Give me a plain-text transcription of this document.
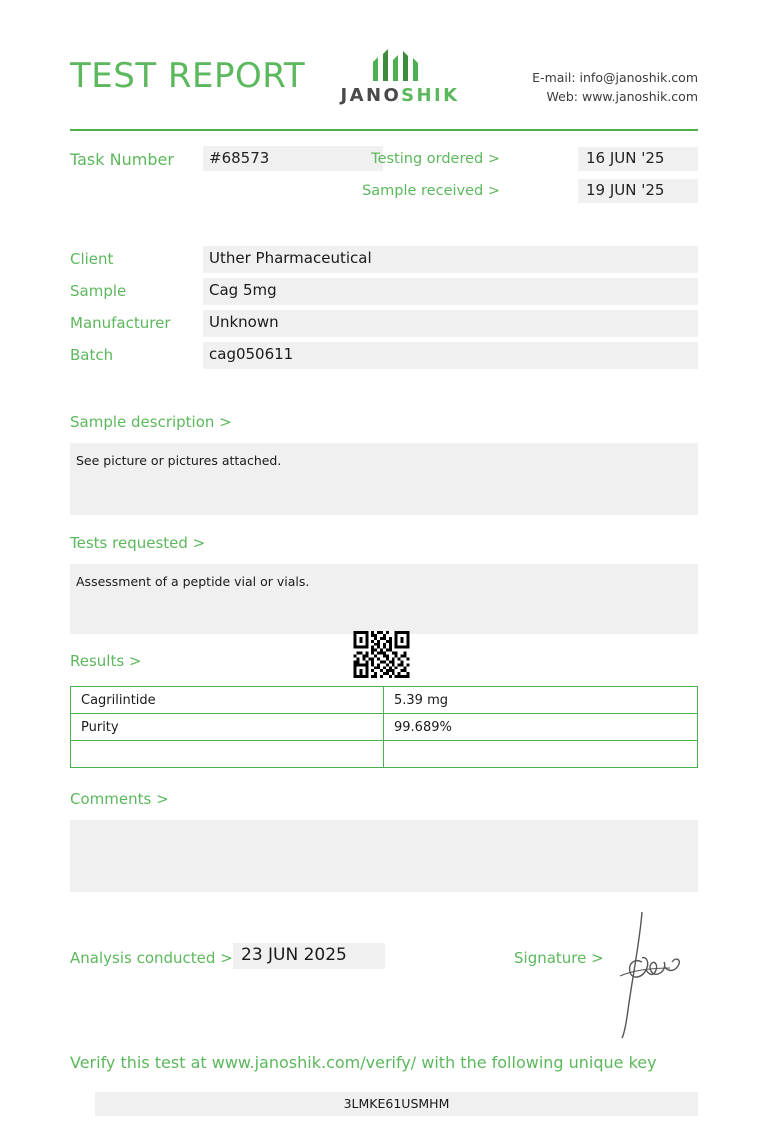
TEST REPORT	JANOSHIK
E-mail: info@janoshik.com
Web: www.janoshik.com
Task Number	#68573	Testing ordered >	16 JUN '25
Sample received >	19 JUN '25
Client	Uther Pharmaceutical
Sample	Cag 5mg
Manufacturer	Unknown
Batch	cag050611
Sample description >
See picture or pictures attached.
Tests requested >
Assessment of a peptide vial or vials.
Results >
Cagrilintide	5.39 mg
Purity	99.689%

Comments >
Analysis conducted > 23 JUN 2025	Signature >
Verify this test at www.janoshik.com/verify/ with the following unique key
3LMKE61USMHM
